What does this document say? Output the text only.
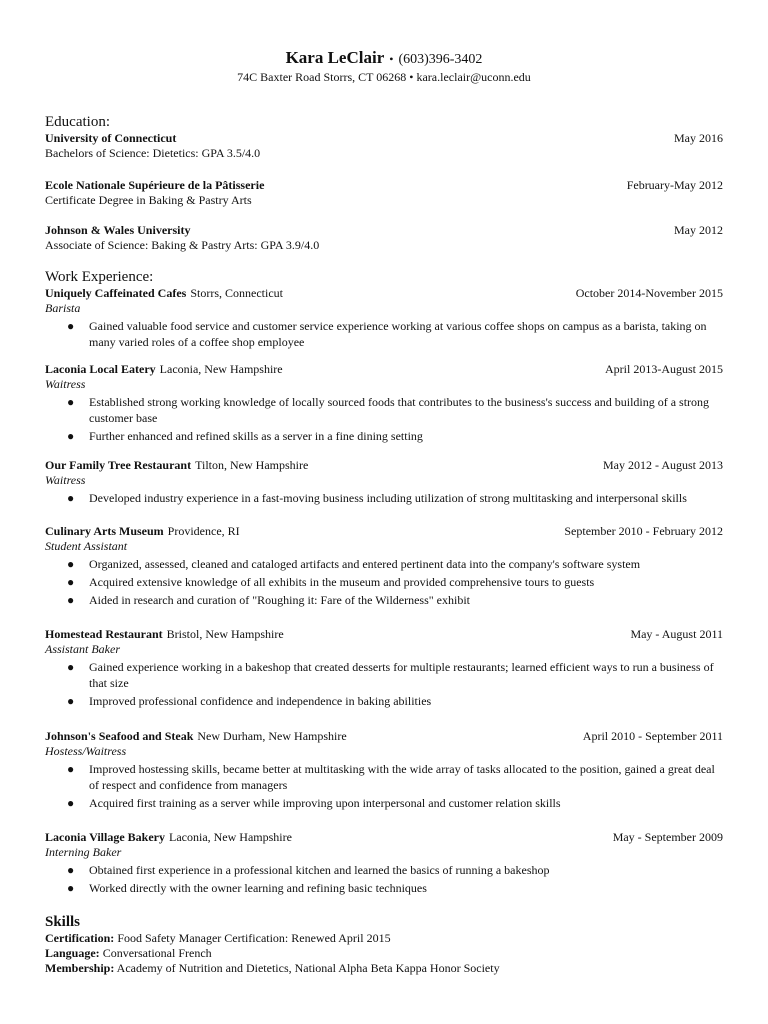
Kara LeClair • (603)396-3402
74C Baxter Road Storrs, CT 06268 • kara.leclair@uconn.edu
Education:
University of Connecticut	May 2016
Bachelors of Science: Dietetics: GPA 3.5/4.0
Ecole Nationale Supérieure de la Pâtisserie	February-May 2012
Certificate Degree in Baking & Pastry Arts
Johnson & Wales University	May 2012
Associate of Science: Baking & Pastry Arts: GPA 3.9/4.0
Work Experience:
Uniquely Caffeinated Cafes Storrs, Connecticut	October 2014-November 2015
Barista
● Gained valuable food service and customer service experience working at various coffee shops on campus as a barista, taking on many varied roles of a coffee shop employee
Laconia Local Eatery Laconia, New Hampshire	April 2013-August 2015
Waitress
● Established strong working knowledge of locally sourced foods that contributes to the business's success and building of a strong customer base
● Further enhanced and refined skills as a server in a fine dining setting
Our Family Tree Restaurant Tilton, New Hampshire	May 2012 - August 2013
Waitress
● Developed industry experience in a fast-moving business including utilization of strong multitasking and interpersonal skills
Culinary Arts Museum Providence, RI	September 2010 - February 2012
Student Assistant
● Organized, assessed, cleaned and cataloged artifacts and entered pertinent data into the company's software system
● Acquired extensive knowledge of all exhibits in the museum and provided comprehensive tours to guests
● Aided in research and curation of "Roughing it: Fare of the Wilderness" exhibit
Homestead Restaurant Bristol, New Hampshire	May - August 2011
Assistant Baker
● Gained experience working in a bakeshop that created desserts for multiple restaurants; learned efficient ways to run a business of that size
● Improved professional confidence and independence in baking abilities
Johnson's Seafood and Steak New Durham, New Hampshire	April 2010 - September 2011
Hostess/Waitress
● Improved hostessing skills, became better at multitasking with the wide array of tasks allocated to the position, gained a great deal of respect and confidence from managers
● Acquired first training as a server while improving upon interpersonal and customer relation skills
Laconia Village Bakery Laconia, New Hampshire	May - September 2009
Interning Baker
● Obtained first experience in a professional kitchen and learned the basics of running a bakeshop
● Worked directly with the owner learning and refining basic techniques
Skills
Certification: Food Safety Manager Certification: Renewed April 2015
Language: Conversational French
Membership: Academy of Nutrition and Dietetics, National Alpha Beta Kappa Honor Society
